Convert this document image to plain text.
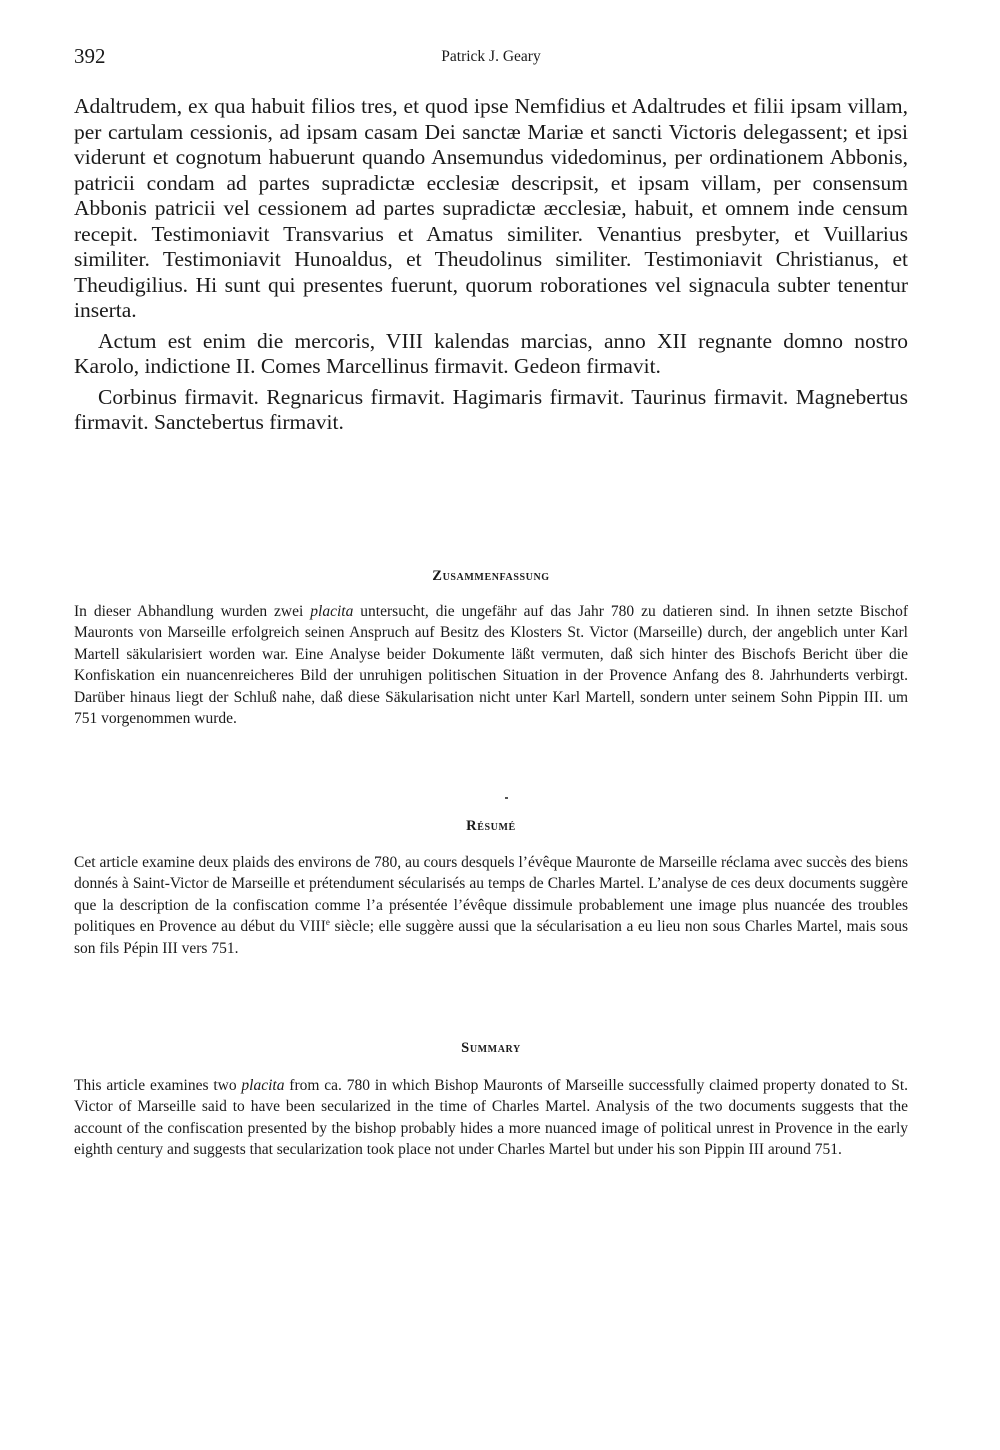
392	Patrick J. Geary

Adaltrudem, ex qua habuit filios tres, et quod ipse Nemfidius et Adaltrudes et filii ipsam villam, per cartulam cessionis, ad ipsam casam Dei sanctæ Mariæ et sancti Victoris delegassent; et ipsi viderunt et cognotum habuerunt quando Ansemundus videdominus, per ordinationem Abbonis, patricii condam ad partes supradictæ ecclesiæ descripsit, et ipsam villam, per consensum Abbonis patricii vel cessionem ad partes supradictæ æcclesiæ, habuit, et omnem inde censum recepit. Testimoniavit Transvarius et Amatus similiter. Venantius presbyter, et Vuillarius similiter. Testimoniavit Hunoaldus, et Theudolinus similiter. Testimoniavit Christianus, et Theudigilius. Hi sunt qui presentes fuerunt, quorum roborationes vel signacula subter tenentur inserta.

Actum est enim die mercoris, VIII kalendas marcias, anno XII regnante domno nostro Karolo, indictione II. Comes Marcellinus firmavit. Gedeon firmavit.

Corbinus firmavit. Regnaricus firmavit. Hagimaris firmavit. Taurinus firmavit. Magnebertus firmavit. Sanctebertus firmavit.

Zusammenfassung

In dieser Abhandlung wurden zwei placita untersucht, die ungefähr auf das Jahr 780 zu datieren sind. In ihnen setzte Bischof Mauronts von Marseille erfolgreich seinen Anspruch auf Besitz des Klosters St. Victor (Marseille) durch, der angeblich unter Karl Martell säkularisiert worden war. Eine Analyse beider Dokumente läßt vermuten, daß sich hinter des Bischofs Bericht über die Konfiskation ein nuancenreicheres Bild der unruhigen politischen Situation in der Provence Anfang des 8. Jahrhunderts verbirgt. Darüber hinaus liegt der Schluß nahe, daß diese Säkularisation nicht unter Karl Martell, sondern unter seinem Sohn Pippin III. um 751 vorgenommen wurde.

Résumé

Cet article examine deux plaids des environs de 780, au cours desquels l’évêque Mauronte de Marseille réclama avec succès des biens donnés à Saint-Victor de Marseille et prétendument sécularisés au temps de Charles Martel. L’analyse de ces deux documents suggère que la description de la confiscation comme l’a présentée l’évêque dissimule probablement une image plus nuancée des troubles politiques en Provence au début du VIIIe siècle; elle suggère aussi que la sécularisation a eu lieu non sous Charles Martel, mais sous son fils Pépin III vers 751.

Summary

This article examines two placita from ca. 780 in which Bishop Mauronts of Marseille successfully claimed property donated to St. Victor of Marseille said to have been secularized in the time of Charles Martel. Analysis of the two documents suggests that the account of the confiscation presented by the bishop probably hides a more nuanced image of political unrest in Provence in the early eighth century and suggests that secularization took place not under Charles Martel but under his son Pippin III around 751.
